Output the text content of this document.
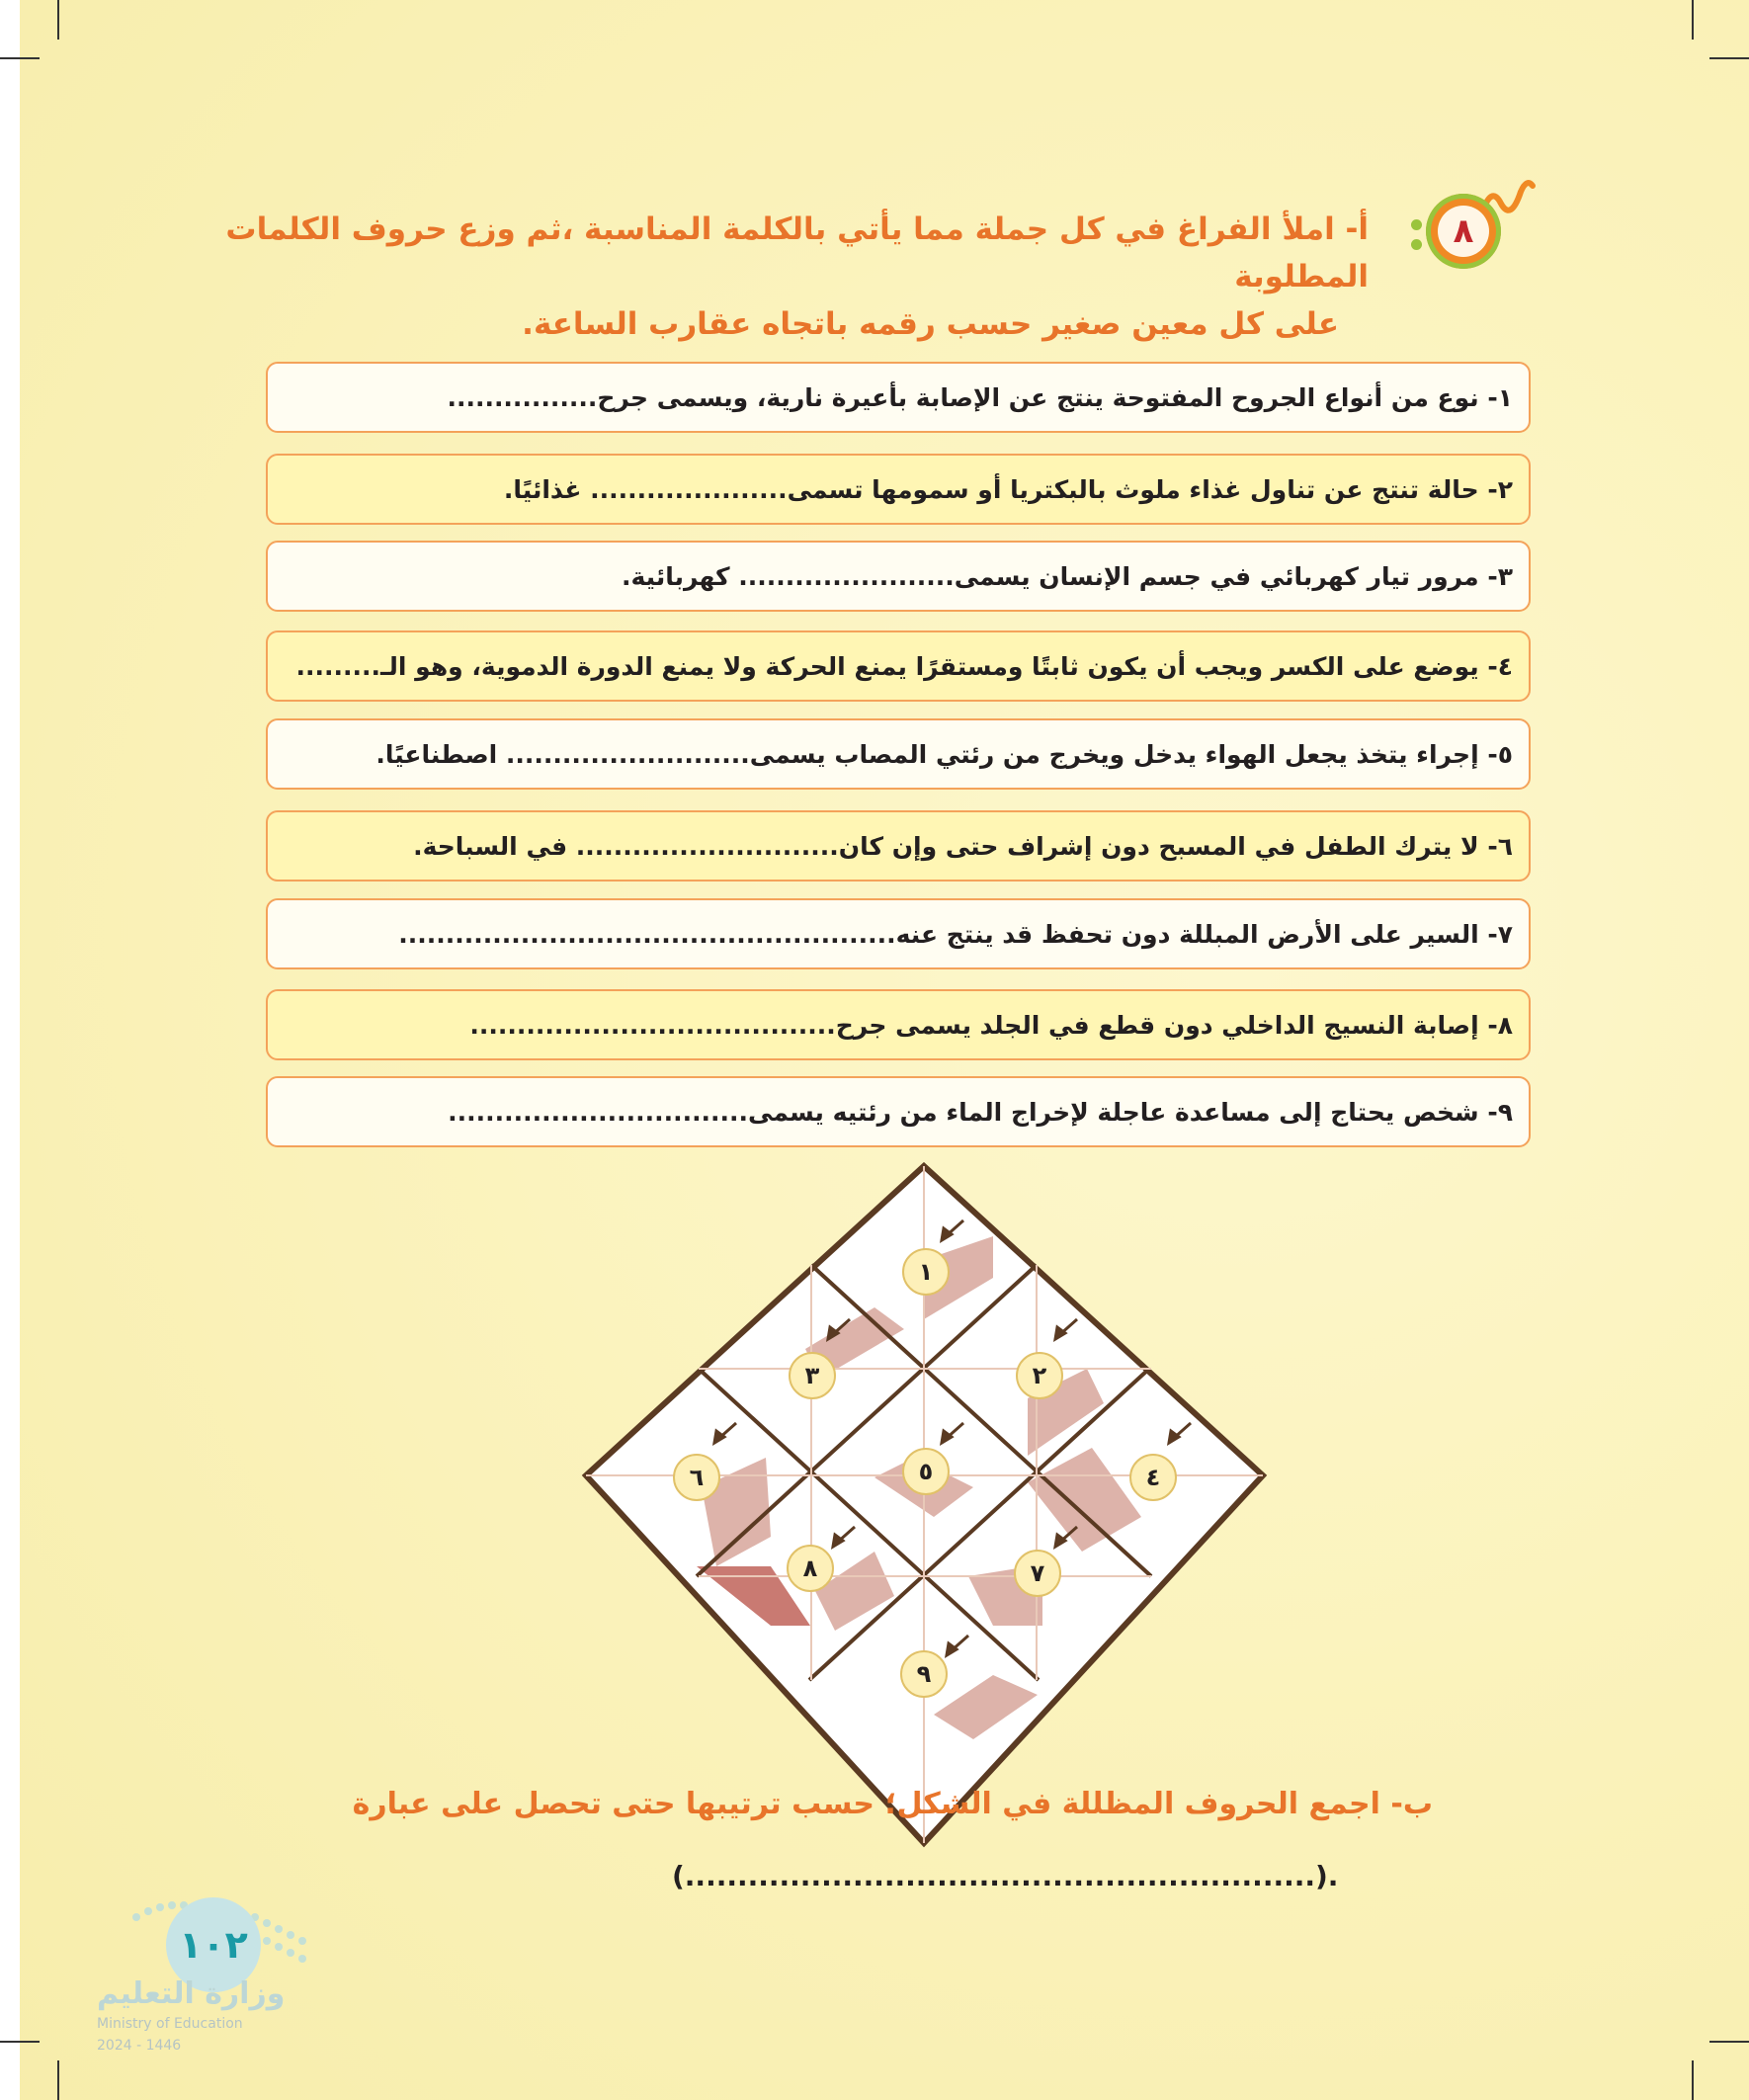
٨
أ- املأ الفراغ في كل جملة مما يأتي بالكلمة المناسبة ،ثم وزع حروف الكلمات المطلوبة
على كل معين صغير حسب رقمه باتجاه عقارب الساعة.
١- نوع من أنواع الجروح المفتوحة ينتج عن الإصابة بأعيرة نارية، ويسمى جرح................
٢- حالة تنتج عن تناول غذاء ملوث بالبكتريا أو سمومها تسمى..................... غذائيًا.
٣- مرور تيار كهربائي في جسم الإنسان يسمى....................... كهربائية.
٤- يوضع على الكسر ويجب أن يكون ثابتًا ومستقرًا يمنع الحركة ولا يمنع الدورة الدموية، وهو الـ.........
٥- إجراء يتخذ يجعل الهواء يدخل ويخرج من رئتي المصاب يسمى.......................... اصطناعيًا.
٦- لا يترك الطفل في المسبح دون إشراف حتى وإن كان............................ في السباحة.
٧- السير على الأرض المبللة دون تحفظ قد ينتج عنه.....................................................
٨- إصابة النسيج الداخلي دون قطع في الجلد يسمى جرح.......................................
٩- شخص يحتاج إلى مساعدة عاجلة لإخراج الماء من رئتيه يسمى................................
١
٢
٣
٤
٥
٦
٧
٨
٩
ب- اجمع الحروف المظللة في الشكل؛ حسب ترتيبها حتى تحصل على عبارة
(............................................................).
١٠٢
وزارة التعليم
Ministry of Education
2024 - 1446
